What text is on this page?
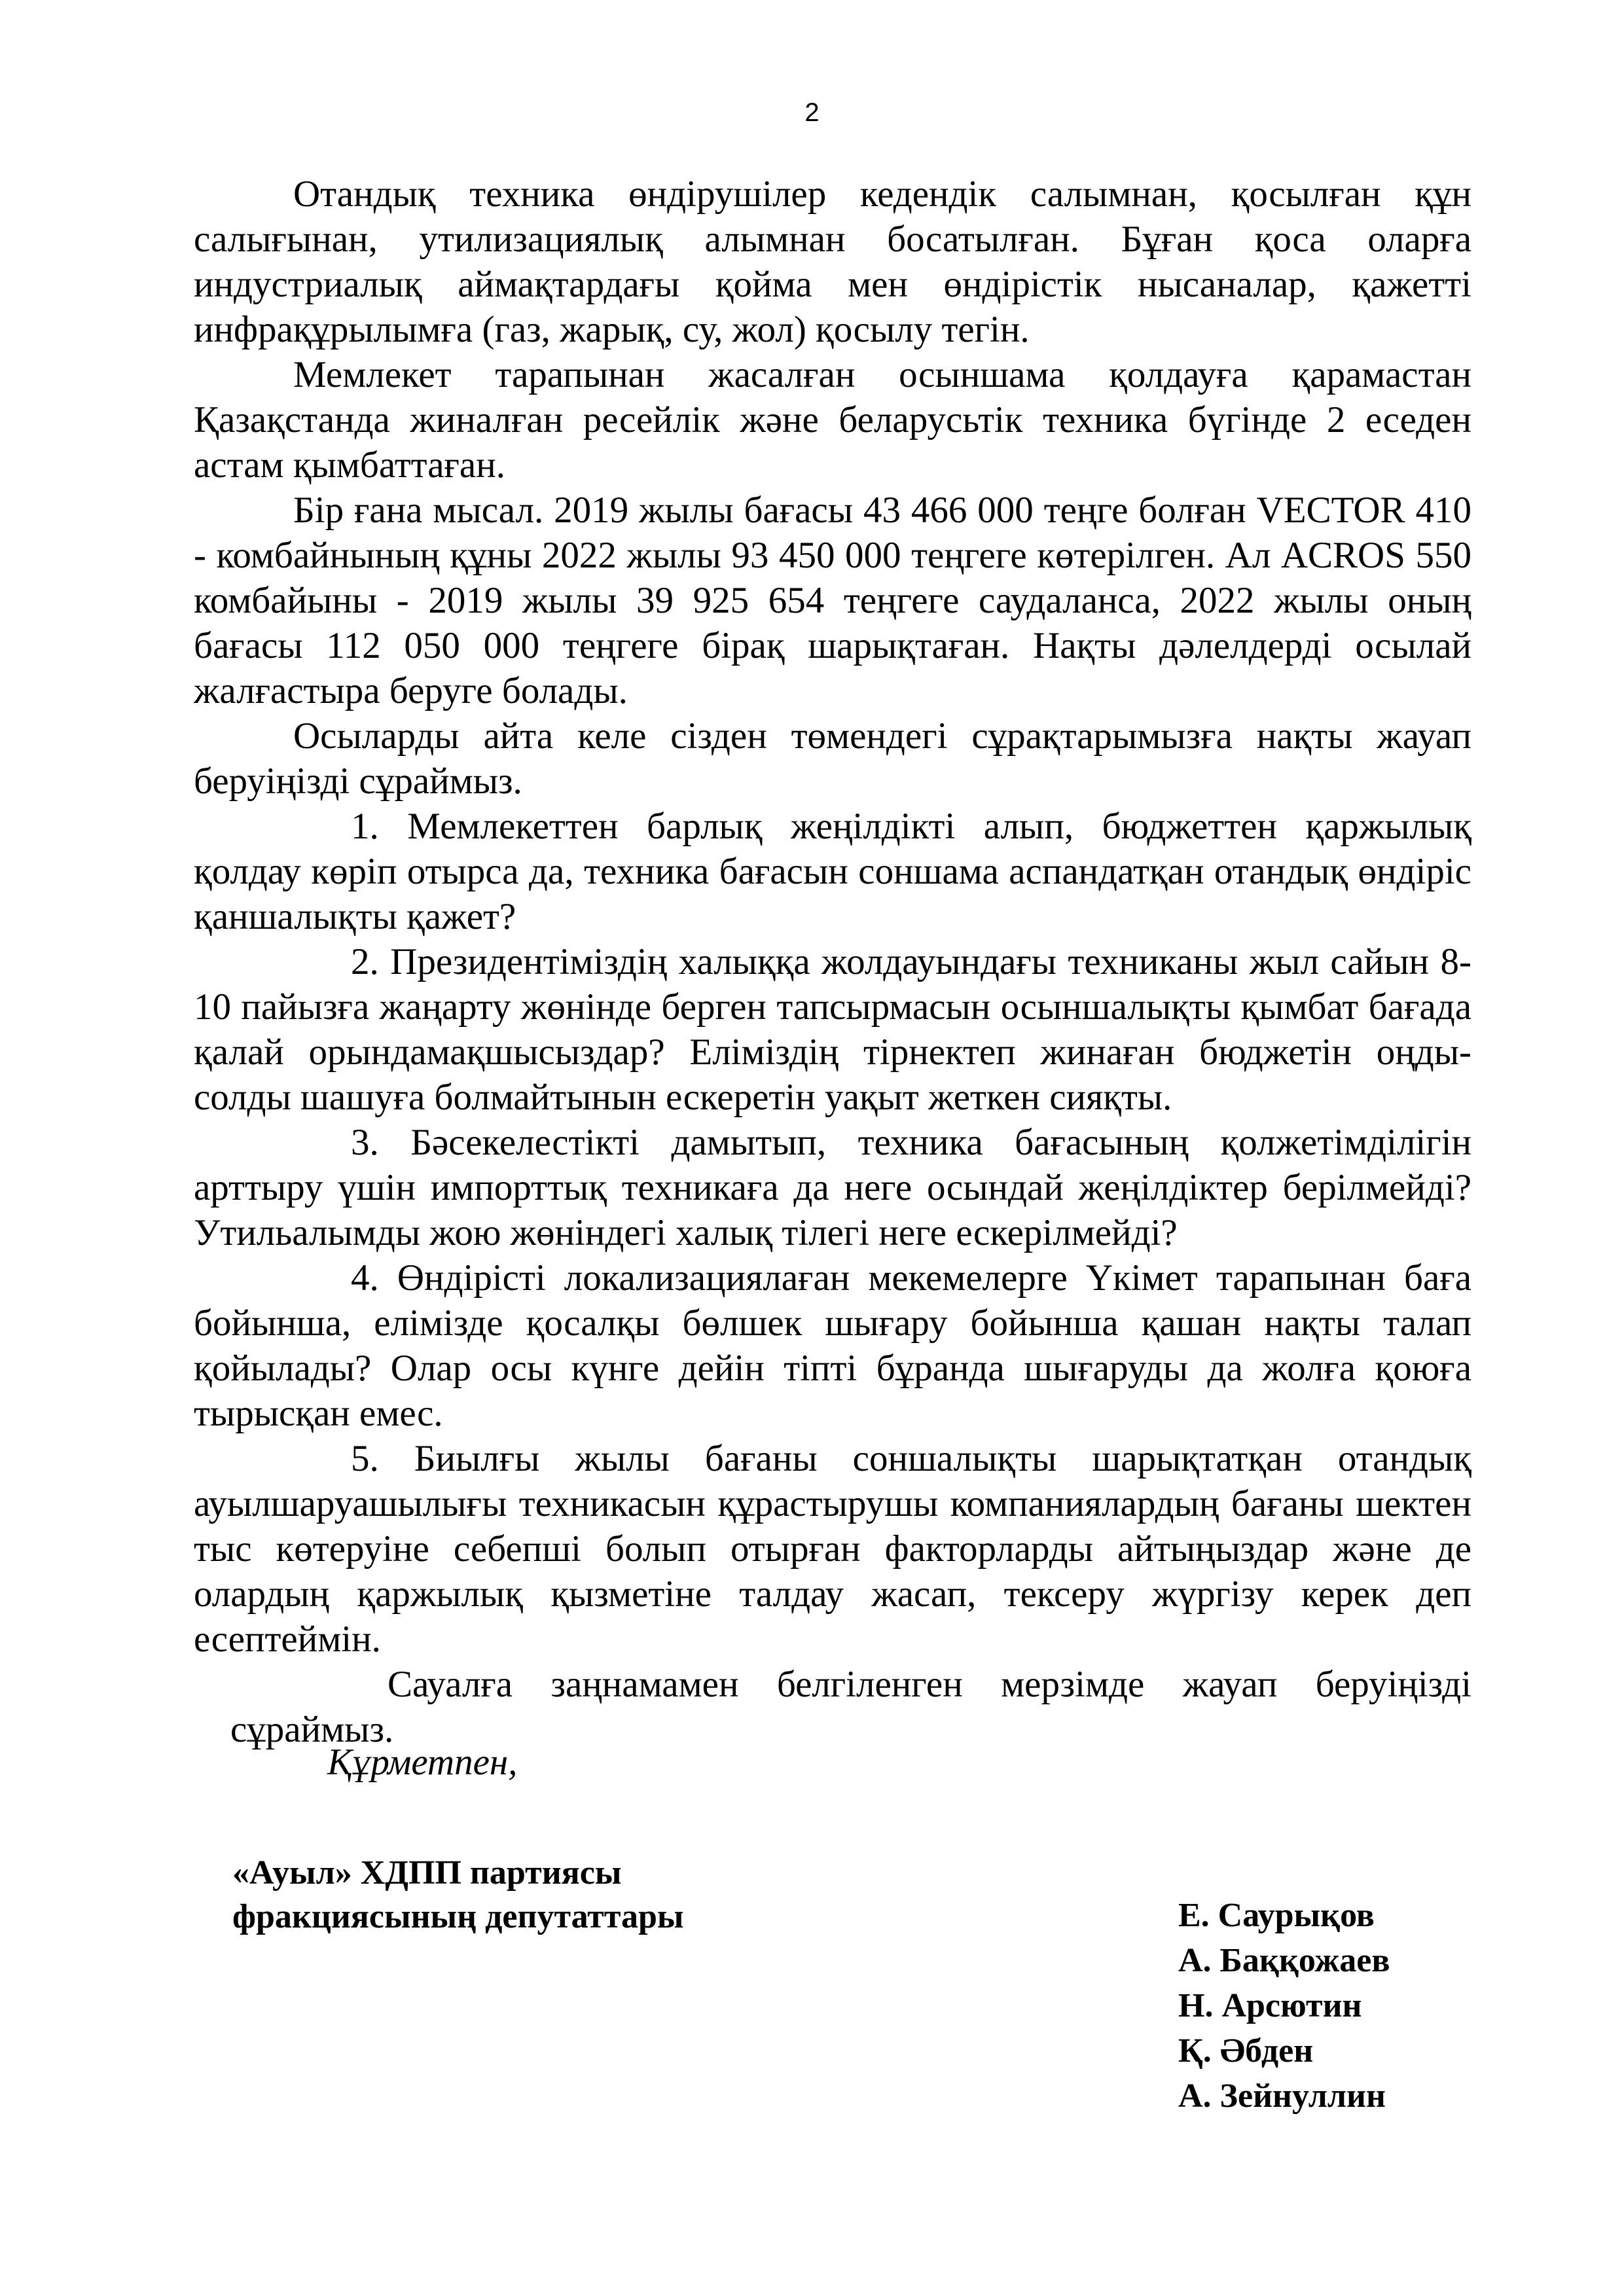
2

Отандық техника өндірушілер кедендік салымнан, қосылған құн салығынан, утилизациялық алымнан босатылған. Бұған қоса оларға индустриалық аймақтардағы қойма мен өндірістік нысаналар, қажетті инфрақұрылымға (газ, жарық, су, жол) қосылу тегін.

Мемлекет тарапынан жасалған осыншама қолдауға қарамастан Қазақстанда жиналған ресейлік және беларусьтік техника бүгінде 2 еседен астам қымбаттаған.

Бір ғана мысал. 2019 жылы бағасы 43 466 000 теңге болған VECTOR 410 - комбайнының құны 2022 жылы 93 450 000 теңгеге көтерілген. Ал ACROS 550 комбайыны - 2019 жылы 39 925 654 теңгеге саудаланса, 2022 жылы оның бағасы 112 050 000 теңгеге бірақ шарықтаған. Нақты дәлелдерді осылай жалғастыра беруге болады.

Осыларды айта келе сізден төмендегі сұрақтарымызға нақты жауап беруіңізді сұраймыз.

1. Мемлекеттен барлық жеңілдікті алып, бюджеттен қаржылық қолдау көріп отырса да, техника бағасын соншама аспандатқан отандық өндіріс қаншалықты қажет?

2. Президентіміздің халыққа жолдауындағы техниканы жыл сайын 8-10 пайызға жаңарту жөнінде берген тапсырмасын осыншалықты қымбат бағада қалай орындамақшысыздар? Еліміздің тірнектеп жинаған бюджетін оңды-солды шашуға болмайтынын ескеретін уақыт жеткен сияқты.

3. Бәсекелестікті дамытып, техника бағасының қолжетімділігін арттыру үшін импорттық техникаға да неге осындай жеңілдіктер берілмейді? Утильалымды жою жөніндегі халық тілегі неге ескерілмейді?

4. Өндірісті локализациялаған мекемелерге Үкімет тарапынан баға бойынша, елімізде қосалқы бөлшек шығару бойынша қашан нақты талап қойылады? Олар осы күнге дейін тіпті бұранда шығаруды да жолға қоюға тырысқан емес.

5. Биылғы жылы бағаны соншалықты шарықтатқан отандық ауылшаруашылығы техникасын құрастырушы компаниялардың бағаны шектен тыс көтеруіне себепші болып отырған факторларды айтыңыздар және де олардың қаржылық қызметіне талдау жасап, тексеру жүргізу керек деп есептеймін.

Сауалға заңнамамен белгіленген мерзімде жауап беруіңізді сұраймыз.

Құрметпен,
«Ауыл» ХДПП партиясы
фракциясының депутаттары	Е. Саурықов
А. Баққожаев
Н. Арсютин
Қ. Әбден
А. Зейнуллин
